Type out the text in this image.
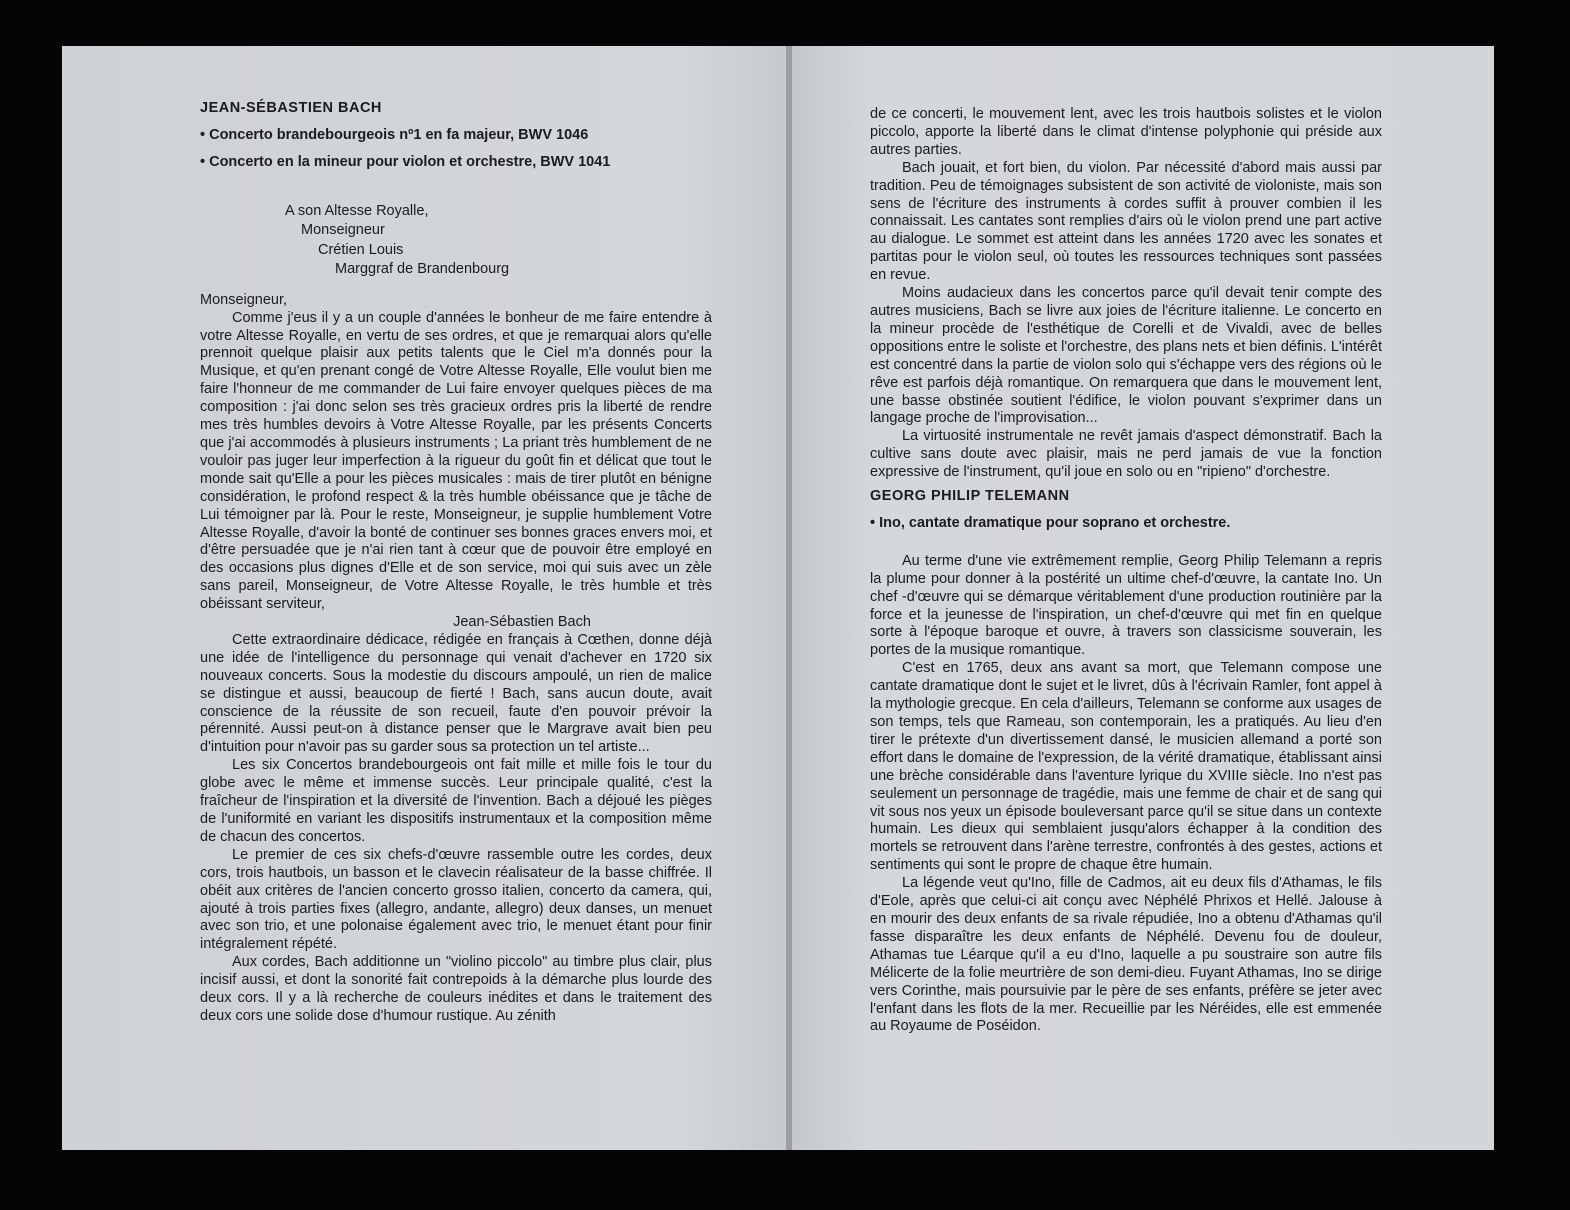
JEAN-SÉBASTIEN BACH
• Concerto brandebourgeois nº1 en fa majeur, BWV 1046
• Concerto en la mineur pour violon et orchestre, BWV 1041
A son Altesse Royalle,
Monseigneur
Crétien Louis
Marggraf de Brandenbourg

Monseigneur,

Comme j'eus il y a un couple d'années le bonheur de me faire entendre à votre Altesse Royalle, en vertu de ses ordres, et que je remarquai alors qu'elle prennoit quelque plaisir aux petits talents que le Ciel m'a donnés pour la Musique, et qu'en prenant congé de Votre Altesse Royalle, Elle voulut bien me faire l'honneur de me commander de Lui faire envoyer quelques pièces de ma composition : j'ai donc selon ses très gracieux ordres pris la liberté de rendre mes très humbles devoirs à Votre Altesse Royalle, par les présents Concerts que j'ai accommodés à plusieurs instruments ; La priant très humblement de ne vouloir pas juger leur imperfection à la rigueur du goût fin et délicat que tout le monde sait qu'Elle a pour les pièces musicales : mais de tirer plutôt en bénigne considération, le profond respect & la très humble obéissance que je tâche de Lui témoigner par là. Pour le reste, Monseigneur, je supplie humblement Votre Altesse Royalle, d'avoir la bonté de continuer ses bonnes graces envers moi, et d'être persuadée que je n'ai rien tant à cœur que de pouvoir être employé en des occasions plus dignes d'Elle et de son service, moi qui suis avec un zèle sans pareil, Monseigneur, de Votre Altesse Royalle, le très humble et très obéissant serviteur,

Jean-Sébastien Bach

Cette extraordinaire dédicace, rédigée en français à Cœthen, donne déjà une idée de l'intelligence du personnage qui venait d'achever en 1720 six nouveaux concerts. Sous la modestie du discours ampoulé, un rien de malice se distingue et aussi, beaucoup de fierté ! Bach, sans aucun doute, avait conscience de la réussite de son recueil, faute d'en pouvoir prévoir la pérennité. Aussi peut-on à distance penser que le Margrave avait bien peu d'intuition pour n'avoir pas su garder sous sa protection un tel artiste...

Les six Concertos brandebourgeois ont fait mille et mille fois le tour du globe avec le même et immense succès. Leur principale qualité, c'est la fraîcheur de l'inspiration et la diversité de l'invention. Bach a déjoué les pièges de l'uniformité en variant les dispositifs instrumentaux et la composition même de chacun des concertos.

Le premier de ces six chefs-d'œuvre rassemble outre les cordes, deux cors, trois hautbois, un basson et le clavecin réalisateur de la basse chiffrée. Il obéit aux critères de l'ancien concerto grosso italien, concerto da camera, qui, ajouté à trois parties fixes (allegro, andante, allegro) deux danses, un menuet avec son trio, et une polonaise également avec trio, le menuet étant pour finir intégralement répété.

Aux cordes, Bach additionne un "violino piccolo" au timbre plus clair, plus incisif aussi, et dont la sonorité fait contrepoids à la démarche plus lourde des deux cors. Il y a là recherche de couleurs inédites et dans le traitement des deux cors une solide dose d'humour rustique. Au zénith

de ce concerti, le mouvement lent, avec les trois hautbois solistes et le violon piccolo, apporte la liberté dans le climat d'intense polyphonie qui préside aux autres parties.

Bach jouait, et fort bien, du violon. Par nécessité d'abord mais aussi par tradition. Peu de témoignages subsistent de son activité de violoniste, mais son sens de l'écriture des instruments à cordes suffit à prouver combien il les connaissait. Les cantates sont remplies d'airs où le violon prend une part active au dialogue. Le sommet est atteint dans les années 1720 avec les sonates et partitas pour le violon seul, où toutes les ressources techniques sont passées en revue.

Moins audacieux dans les concertos parce qu'il devait tenir compte des autres musiciens, Bach se livre aux joies de l'écriture italienne. Le concerto en la mineur procède de l'esthétique de Corelli et de Vivaldi, avec de belles oppositions entre le soliste et l'orchestre, des plans nets et bien définis. L'intérêt est concentré dans la partie de violon solo qui s'échappe vers des régions où le rêve est parfois déjà romantique. On remarquera que dans le mouvement lent, une basse obstinée soutient l'édifice, le violon pouvant s'exprimer dans un langage proche de l'improvisation...

La virtuosité instrumentale ne revêt jamais d'aspect démonstratif. Bach la cultive sans doute avec plaisir, mais ne perd jamais de vue la fonction expressive de l'instrument, qu'il joue en solo ou en "ripieno" d'orchestre.

GEORG PHILIP TELEMANN
• Ino, cantate dramatique pour soprano et orchestre.

Au terme d'une vie extrêmement remplie, Georg Philip Telemann a repris la plume pour donner à la postérité un ultime chef-d'œuvre, la cantate Ino. Un chef -d'œuvre qui se démarque véritablement d'une production routinière par la force et la jeunesse de l'inspiration, un chef-d'œuvre qui met fin en quelque sorte à l'époque baroque et ouvre, à travers son classicisme souverain, les portes de la musique romantique.

C'est en 1765, deux ans avant sa mort, que Telemann compose une cantate dramatique dont le sujet et le livret, dûs à l'écrivain Ramler, font appel à la mythologie grecque. En cela d'ailleurs, Telemann se conforme aux usages de son temps, tels que Rameau, son contemporain, les a pratiqués. Au lieu d'en tirer le prétexte d'un divertissement dansé, le musicien allemand a porté son effort dans le domaine de l'expression, de la vérité dramatique, établissant ainsi une brèche considérable dans l'aventure lyrique du XVIIIe siècle. Ino n'est pas seulement un personnage de tragédie, mais une femme de chair et de sang qui vit sous nos yeux un épisode bouleversant parce qu'il se situe dans un contexte humain. Les dieux qui semblaient jusqu'alors échapper à la condition des mortels se retrouvent dans l'arène terrestre, confrontés à des gestes, actions et sentiments qui sont le propre de chaque être humain.

La légende veut qu'Ino, fille de Cadmos, ait eu deux fils d'Athamas, le fils d'Eole, après que celui-ci ait conçu avec Néphélé Phrixos et Hellé. Jalouse à en mourir des deux enfants de sa rivale répudiée, Ino a obtenu d'Athamas qu'il fasse disparaître les deux enfants de Néphélé. Devenu fou de douleur, Athamas tue Léarque qu'il a eu d'Ino, laquelle a pu soustraire son autre fils Mélicerte de la folie meurtrière de son demi-dieu. Fuyant Athamas, Ino se dirige vers Corinthe, mais poursuivie par le père de ses enfants, préfère se jeter avec l'enfant dans les flots de la mer. Recueillie par les Néréides, elle est emmenée au Royaume de Poséidon.
